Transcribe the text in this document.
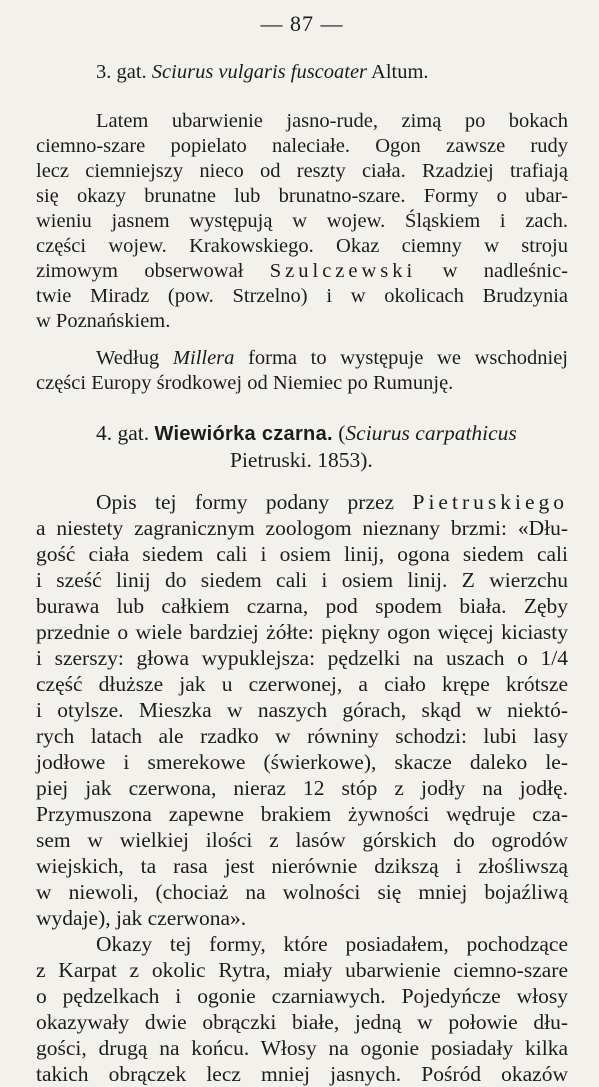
— 87 —
3. gat. Sciurus vulgaris fuscoater Altum.

Latem ubarwienie jasno-rude, zimą po bokach

ciemno-szare popielato naleciałe. Ogon zawsze rudy

lecz ciemniejszy nieco od reszty ciała. Rzadziej trafiają

się okazy brunatne lub brunatno-szare. Formy o ubar-

wieniu jasnem występują w wojew. Śląskiem i zach.

części wojew. Krakowskiego. Okaz ciemny w stroju

zimowym obserwował Szulczewski w nadleśnic-

twie Miradz (pow. Strzelno) i w okolicach Brudzynia

w Poznańskiem.

Według Millera forma to występuje we wschodniej

części Europy środkowej od Niemiec po Rumunję.

4. gat. Wiewiórka czarna. (Sciurus carpathicus
Pietruski. 1853).

Opis tej formy podany przez Pietruskiego

a niestety zagranicznym zoologom nieznany brzmi: «Dłu-

gość ciała siedem cali i osiem linij, ogona siedem cali

i sześć linij do siedem cali i osiem linij. Z wierzchu

burawa lub całkiem czarna, pod spodem biała. Zęby

przednie o wiele bardziej żółte: piękny ogon więcej kiciasty

i szerszy: głowa wypuklejsza: pędzelki na uszach o 1/4

część dłuższe jak u czerwonej, a ciało krępe krótsze

i otylsze. Mieszka w naszych górach, skąd w niektó-

rych latach ale rzadko w równiny schodzi: lubi lasy

jodłowe i smerekowe (świerkowe), skacze daleko le-

piej jak czerwona, nieraz 12 stóp z jodły na jodłę.

Przymuszona zapewne brakiem żywności wędruje cza-

sem w wielkiej ilości z lasów górskich do ogrodów

wiejskich, ta rasa jest nierównie dzikszą i złośliwszą

w niewoli, (chociaż na wolności się mniej bojaźliwą

wydaje), jak czerwona».

Okazy tej formy, które posiadałem, pochodzące

z Karpat z okolic Rytra, miały ubarwienie ciemno-szare

o pędzelkach i ogonie czarniawych. Pojedyńcze włosy

okazywały dwie obrączki białe, jedną w połowie dłu-

gości, drugą na końcu. Włosy na ogonie posiadały kilka

takich obrączek lecz mniej jasnych. Pośród okazów
